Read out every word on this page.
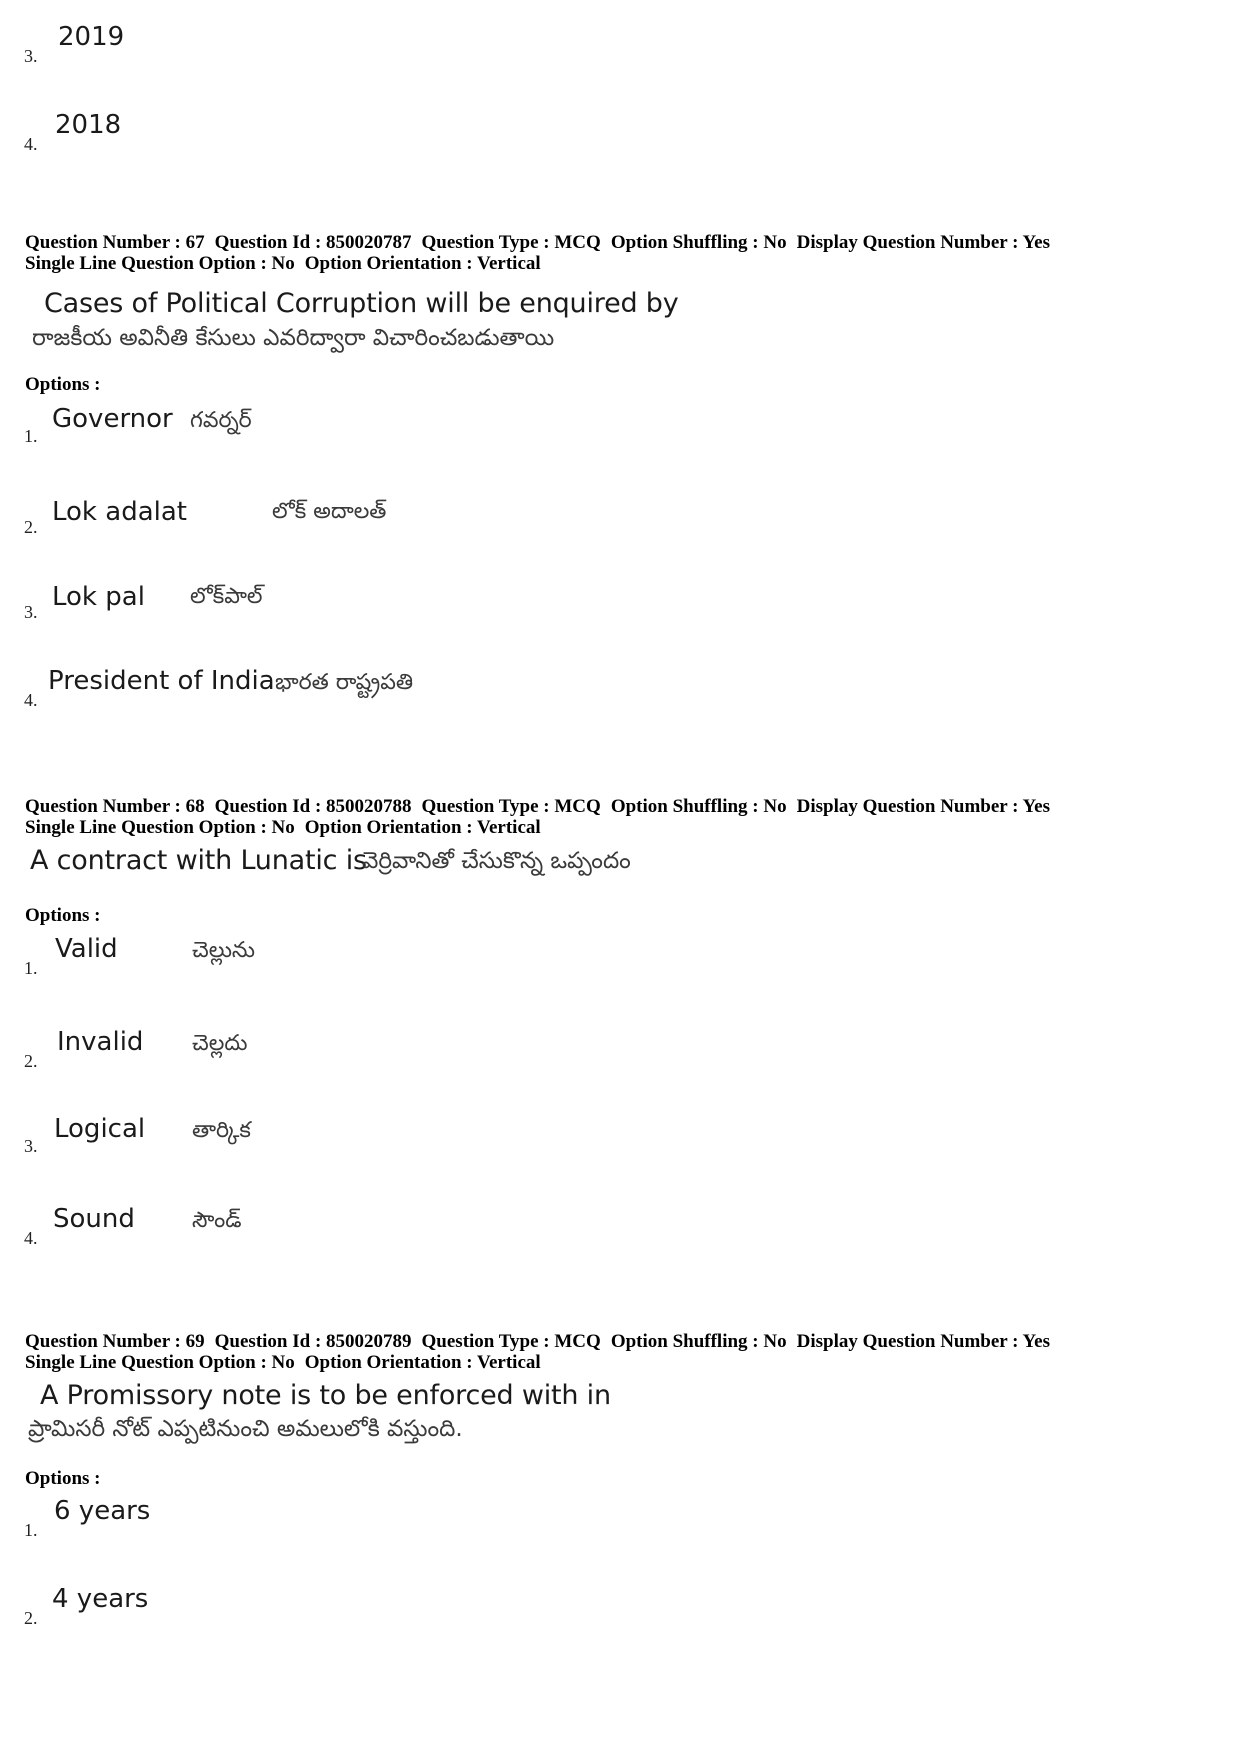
3.
2019
4.
2018
Question Number : 67 Question Id : 850020787 Question Type : MCQ Option Shuffling : No Display Question Number : Yes
Single Line Question Option : No Option Orientation : Vertical
Cases of Political Corruption will be enquired by
రాజకీయ అవినీతి కేసులు ఎవరిద్వారా విచారించబడుతాయి
Options :
1.
Governor గవర్నర్
2. Lok adalat	లోక్ అదాలత్
3. Lok pal లోక్‌పాల్
4.
President of India భారత రాష్ట్రపతి
Question Number : 68 Question Id : 850020788 Question Type : MCQ Option Shuffling : No Display Question Number : Yes
Single Line Question Option : No Option Orientation : Vertical
A contract with Lunatic is
వెర్రివానితో చేసుకొన్న ఒప్పందం
Options :
1.
Valid	చెల్లును
2.
Invalid చెల్లదు
3.
Logical తార్కిక
4.
Sound	సౌండ్
Question Number : 69 Question Id : 850020789 Question Type : MCQ Option Shuffling : No Display Question Number : Yes
Single Line Question Option : No Option Orientation : Vertical
A Promissory note is to be enforced with in
ప్రామిసరీ నోట్ ఎప్పటినుంచి అమలులోకి వస్తుంది.
Options :
1.
6 years
2.
4 years
